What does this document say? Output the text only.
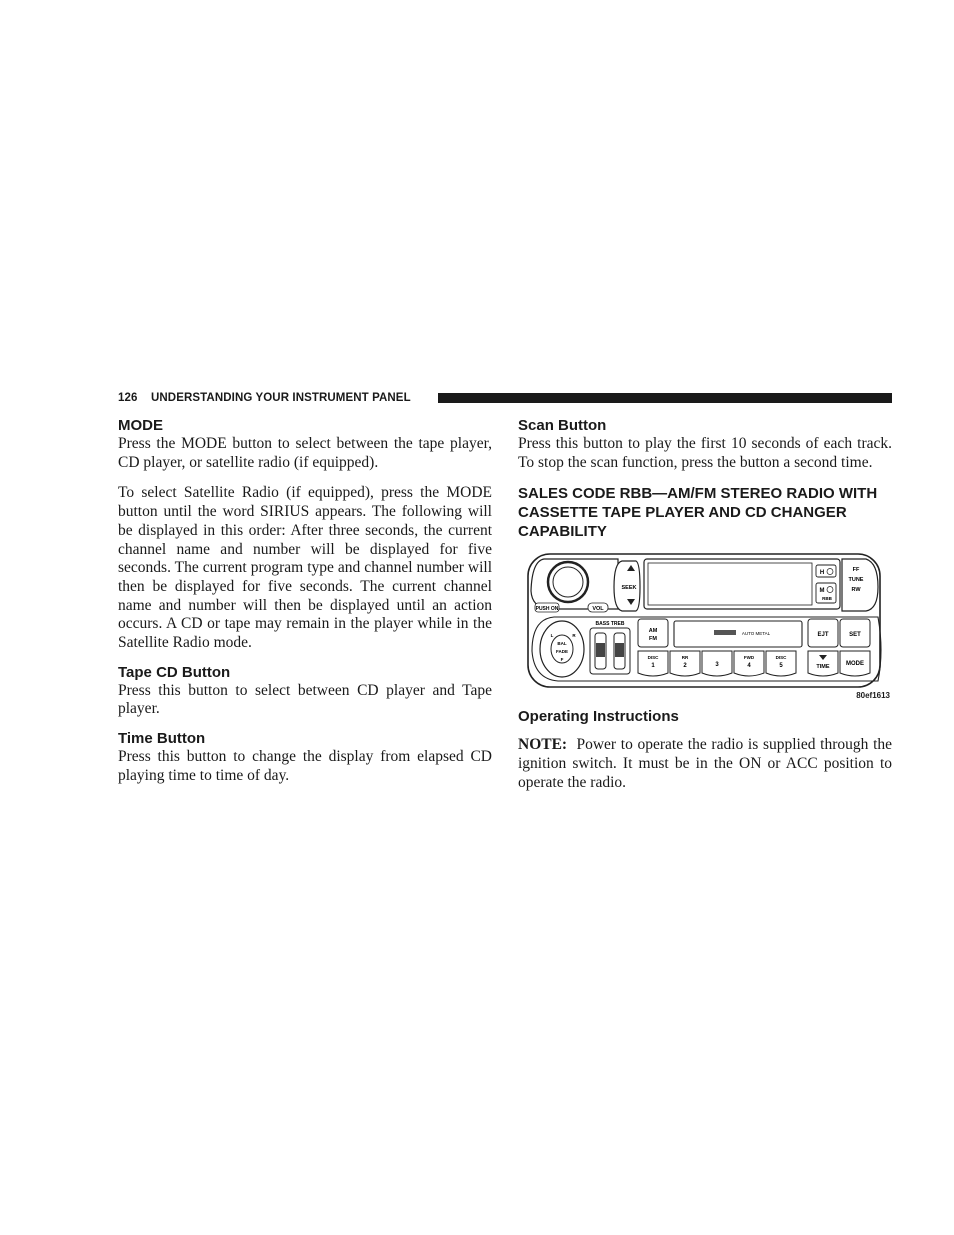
126 UNDERSTANDING YOUR INSTRUMENT PANEL
MODE

Press the MODE button to select between the tape player, CD player, or satellite radio (if equipped).

To select Satellite Radio (if equipped), press the MODE button until the word SIRIUS appears. The following will be displayed in this order: After three seconds, the current channel name and number will be displayed for five seconds. The current program type and channel number will then be displayed for five seconds. The current channel name and number will then be displayed until an action occurs. A CD or tape may remain in the player while in the Satellite Radio mode.

Tape CD Button

Press this button to select between CD player and Tape player.

Time Button

Press this button to change the display from elapsed CD playing time to time of day.

Scan Button

Press this button to play the first 10 seconds of each track. To stop the scan function, press the button a second time.

SALES CODE RBB—AM/FM STEREO RADIO WITH CASSETTE TAPE PLAYER AND CD CHANGER CAPABILITY
PUSH ON	VOL
SEEK
H
M
RBB
FF
TUNE
RW
L	R
BAL
FADE
F
BASS TREB
AM
FM
AUTO METAL	EJT	SET
DISC
1
RR
2	3
FWD
4
DISC
5	TIME	MODE
80ef1613
Operating Instructions

NOTE: Power to operate the radio is supplied through the ignition switch. It must be in the ON or ACC position to operate the radio.
